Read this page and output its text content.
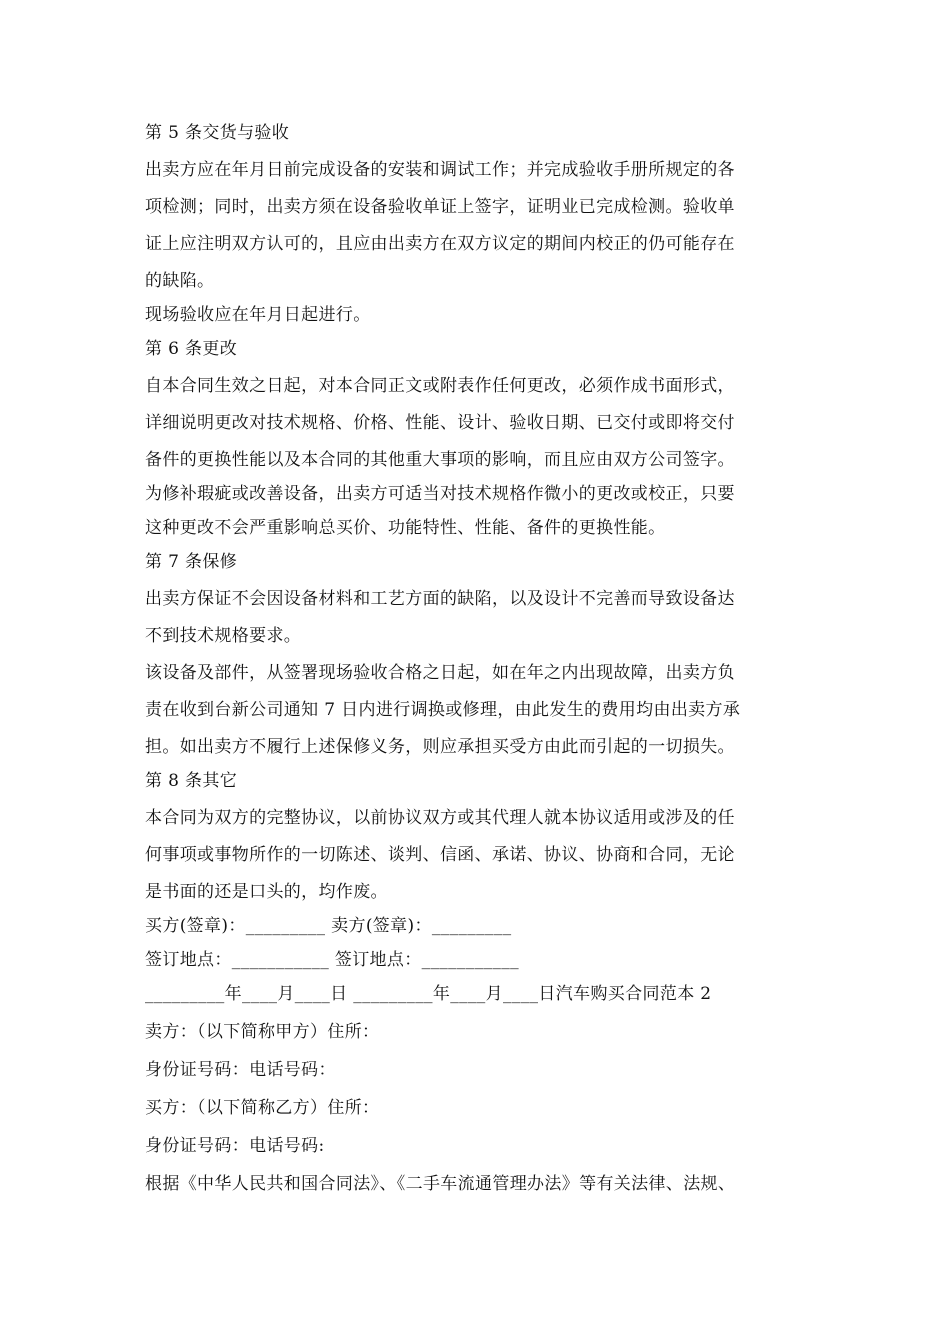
第 5 条交货与验收
出卖方应在年月日前完成设备的安装和调试工作；并完成验收手册所规定的各
项检测；同时，出卖方须在设备验收单证上签字，证明业已完成检测。验收单
证上应注明双方认可的，且应由出卖方在双方议定的期间内校正的仍可能存在
的缺陷。
现场验收应在年月日起进行。
第 6 条更改
自本合同生效之日起，对本合同正文或附表作任何更改，必须作成书面形式，
详细说明更改对技术规格、价格、性能、设计、验收日期、已交付或即将交付
备件的更换性能以及本合同的其他重大事项的影响，而且应由双方公司签字。
为修补瑕疵或改善设备，出卖方可适当对技术规格作微小的更改或校正，只要
这种更改不会严重影响总买价、功能特性、性能、备件的更换性能。
第 7 条保修
出卖方保证不会因设备材料和工艺方面的缺陷，以及设计不完善而导致设备达
不到技术规格要求。
该设备及部件，从签署现场验收合格之日起，如在年之内出现故障，出卖方负
责在收到台新公司通知 7 日内进行调换或修理，由此发生的费用均由出卖方承
担。如出卖方不履行上述保修义务，则应承担买受方由此而引起的一切损失。
第 8 条其它
本合同为双方的完整协议，以前协议双方或其代理人就本协议适用或涉及的任
何事项或事物所作的一切陈述、谈判、信函、承诺、协议、协商和合同，无论
是书面的还是口头的，均作废。
买方(签章)：_________ 卖方(签章)：_________
签订地点：___________ 签订地点：___________
_________年____月____日 _________年____月____日汽车购买合同范本 2
卖方：（以下简称甲方）住所：
身份证号码：电话号码：
买方：（以下简称乙方）住所：
身份证号码：电话号码:
根据《中华人民共和国合同法》、《二手车流通管理办法》等有关法律、法规、
